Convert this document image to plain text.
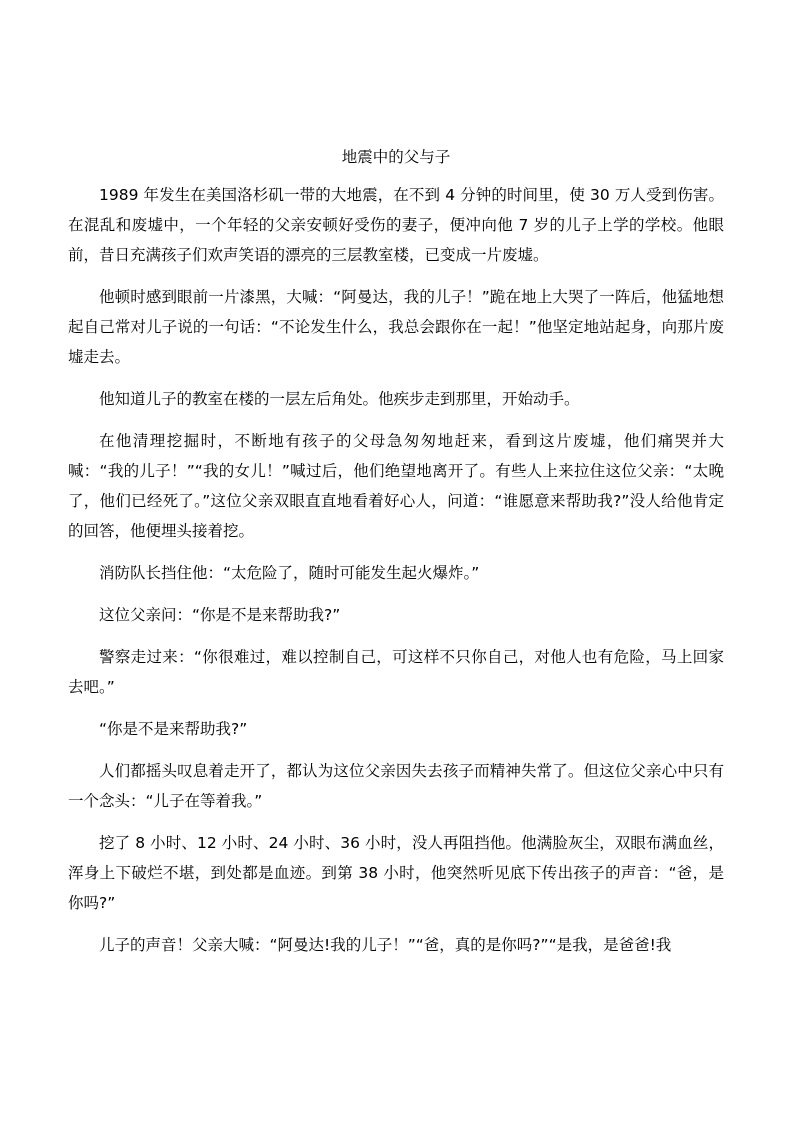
地震中的父与子

1989 年发生在美国洛杉矶一带的大地震，在不到 4 分钟的时间里，使 30 万人受到伤害。在混乱和废墟中，一个年轻的父亲安顿好受伤的妻子，便冲向他 7 岁的儿子上学的学校。他眼前，昔日充满孩子们欢声笑语的漂亮的三层教室楼，已变成一片废墟。

他顿时感到眼前一片漆黑，大喊：“阿曼达，我的儿子！”跪在地上大哭了一阵后，他猛地想起自己常对儿子说的一句话：“不论发生什么，我总会跟你在一起！”他坚定地站起身，向那片废墟走去。

他知道儿子的教室在楼的一层左后角处。他疾步走到那里，开始动手。

在他清理挖掘时，不断地有孩子的父母急匆匆地赶来，看到这片废墟，他们痛哭并大喊：“我的儿子！”“我的女儿！”喊过后，他们绝望地离开了。有些人上来拉住这位父亲：“太晚了，他们已经死了。”这位父亲双眼直直地看着好心人，问道：“谁愿意来帮助我?”没人给他肯定的回答，他便埋头接着挖。

消防队长挡住他：“太危险了，随时可能发生起火爆炸。”

这位父亲问：“你是不是来帮助我?”

警察走过来：“你很难过，难以控制自己，可这样不只你自己，对他人也有危险，马上回家去吧。”

“你是不是来帮助我?”

人们都摇头叹息着走开了，都认为这位父亲因失去孩子而精神失常了。但这位父亲心中只有一个念头：“儿子在等着我。”

挖了 8 小时、12 小时、24 小时、36 小时，没人再阻挡他。他满脸灰尘，双眼布满血丝，浑身上下破烂不堪，到处都是血迹。到第 38 小时，他突然听见底下传出孩子的声音：“爸，是你吗?”

儿子的声音！父亲大喊：“阿曼达!我的儿子！”“爸，真的是你吗?”“是我，是爸爸!我
